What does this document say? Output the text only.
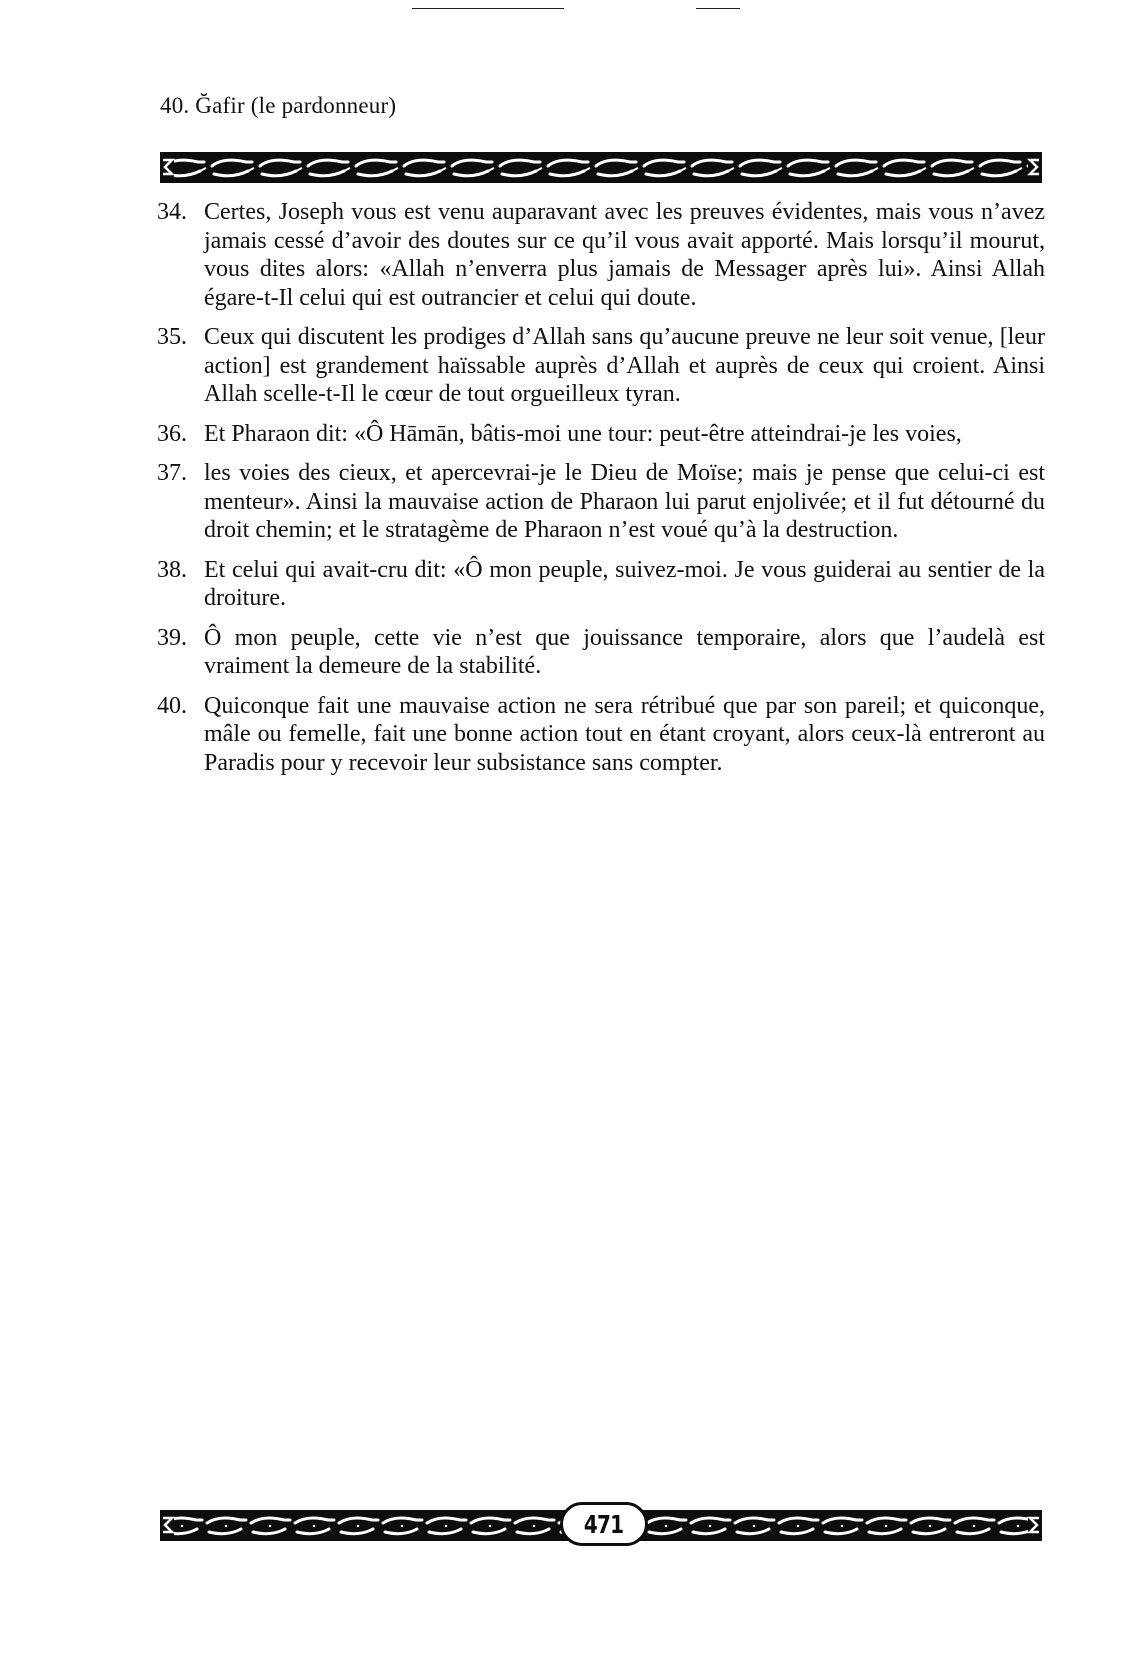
40. Ğafir (le pardonneur)
34. Certes, Joseph vous est venu auparavant avec les preuves évidentes, mais vous n’avez jamais cessé d’avoir des doutes sur ce qu’il vous avait apporté. Mais lorsqu’il mourut, vous dites alors: «Allah n’enverra plus jamais de Messager après lui». Ainsi Allah égare-t-Il celui qui est outrancier et celui qui doute.
35. Ceux qui discutent les prodiges d’Allah sans qu’aucune preuve ne leur soit venue, [leur action] est grandement haïssable auprès d’Allah et auprès de ceux qui croient. Ainsi Allah scelle-t-Il le cœur de tout orgueilleux tyran.
36. Et Pharaon dit: «Ô Hāmān, bâtis-moi une tour: peut-être atteindrai-je les voies,
37. les voies des cieux, et apercevrai-je le Dieu de Moïse; mais je pense que celui-ci est menteur». Ainsi la mauvaise action de Pharaon lui parut enjolivée; et il fut détourné du droit chemin; et le stratagème de Pharaon n’est voué qu’à la destruction.
38. Et celui qui avait-cru dit: «Ô mon peuple, suivez-moi. Je vous guiderai au sentier de la droiture.
39. Ô mon peuple, cette vie n’est que jouissance temporaire, alors que l’audelà est vraiment la demeure de la stabilité.
40. Quiconque fait une mauvaise action ne sera rétribué que par son pareil; et quiconque, mâle ou femelle, fait une bonne action tout en étant croyant, alors ceux-là entreront au Paradis pour y recevoir leur subsistance sans compter.
471
